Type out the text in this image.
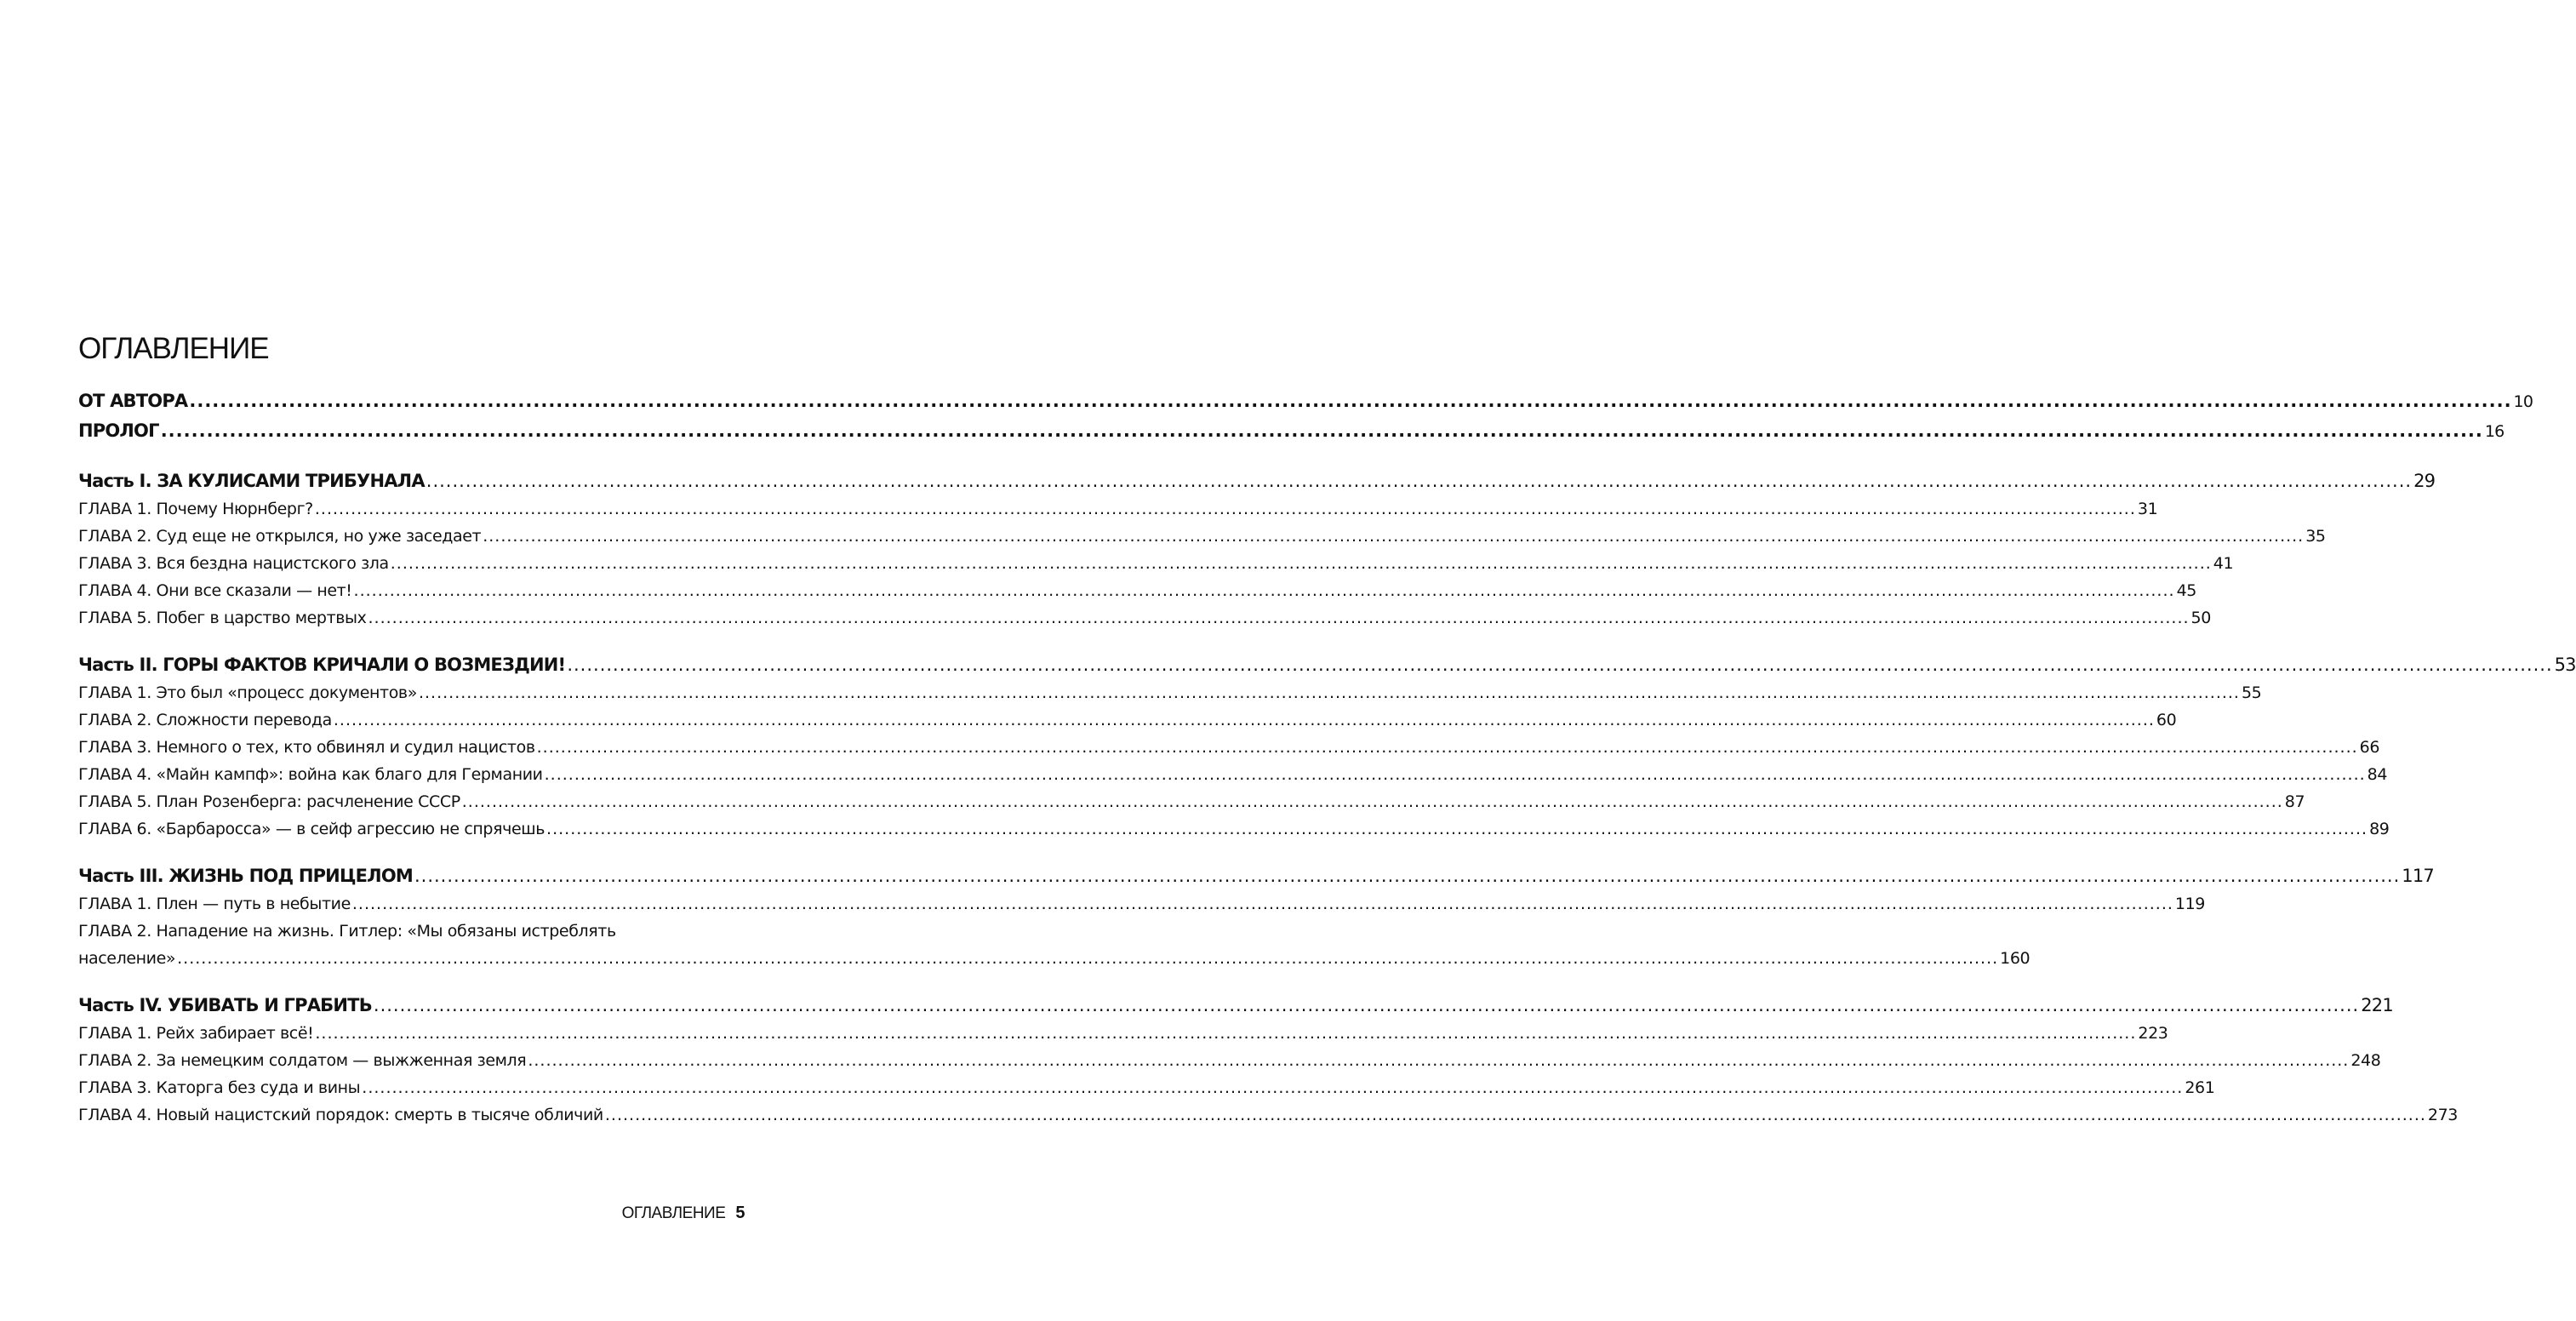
ОГЛАВЛЕНИЕ
ОТ АВТОРА .....	10
ПРОЛОГ .....	16
Часть I. ЗА КУЛИСАМИ ТРИБУНАЛА .....	29
ГЛАВА 1. Почему Нюрнберг? .....	31
ГЛАВА 2. Суд еще не открылся, но уже заседает .....	35
ГЛАВА 3. Вся бездна нацистского зла .....	41
ГЛАВА 4. Они все сказали — нет! .....	45
ГЛАВА 5. Побег в царство мертвых .....	50
Часть II. ГОРЫ ФАКТОВ КРИЧАЛИ О ВОЗМЕЗДИИ! .....	53
ГЛАВА 1. Это был «процесс документов» .....	55
ГЛАВА 2. Сложности перевода .....	60
ГЛАВА 3. Немного о тех, кто обвинял и судил нацистов .....	66
ГЛАВА 4. «Майн кампф»: война как благо для Германии .....	84
ГЛАВА 5. План Розенберга: расчленение СССР .....	87
ГЛАВА 6. «Барбаросса» — в сейф агрессию не спрячешь .....	89
Часть III. ЖИЗНЬ ПОД ПРИЦЕЛОМ .....	117
ГЛАВА 1. Плен — путь в небытие .....	119
ГЛАВА 2. Нападение на жизнь. Гитлер: «Мы обязаны истреблять
население» .....	160
Часть IV. УБИВАТЬ И ГРАБИТЬ .....	221
ГЛАВА 1. Рейх забирает всё! .....	223
ГЛАВА 2. За немецким солдатом — выжженная земля .....	248
ГЛАВА 3. Каторга без суда и вины .....	261
ГЛАВА 4. Новый нацистский порядок: смерть в тысяче обличий .....	273
ОГЛАВЛЕНИЕ 5
